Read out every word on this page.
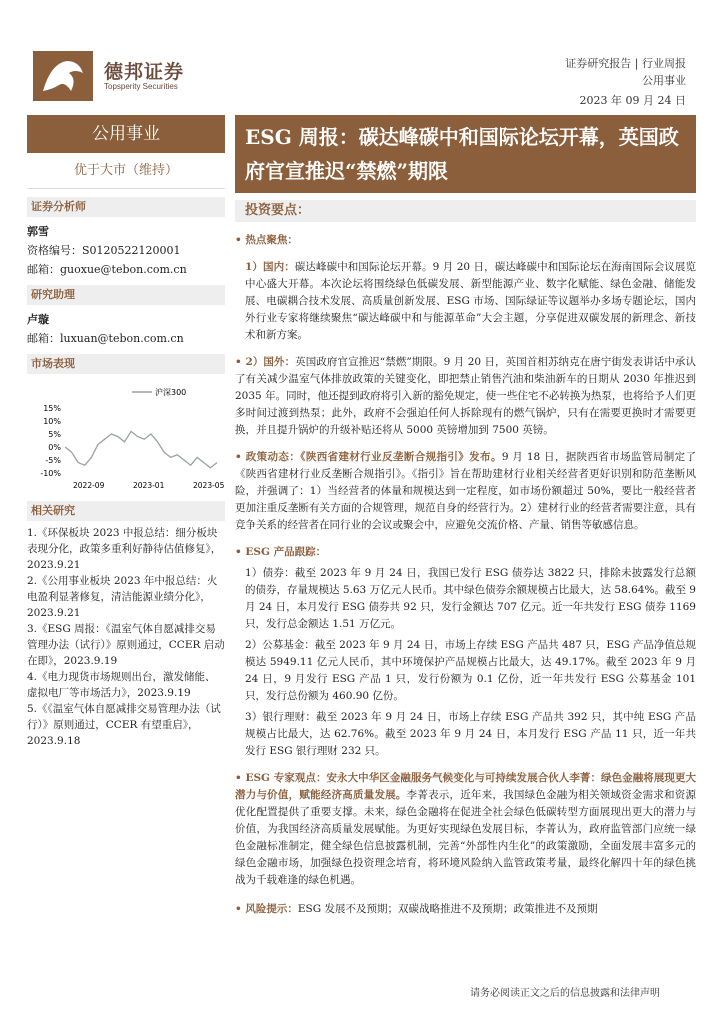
德邦证券
Topsperity Securities
证券研究报告 | 行业周报
公用事业
2023 年 09 月 24 日
公用事业
优于大市（维持）
证券分析师
郭雪
资格编号：S0120522120001
邮箱：guoxue@tebon.com.cn
研究助理
卢璇
邮箱：luxuan@tebon.com.cn
市场表现
15%
10%
5%
0%
-5%
-10%
沪深300
2022-09	2023-01	2023-05
相关研究
1.《环保板块 2023 中报总结：细分板块表现分化，政策多重利好静待估值修复》，2023.9.21
2.《公用事业板块 2023 年中报总结：火电盈利显著修复，清洁能源业绩分化》，2023.9.21
3.《ESG 周报：《温室气体自愿减排交易管理办法（试行）》原则通过，CCER 启动在即》，2023.9.19
4.《电力现货市场规则出台，激发储能、虚拟电厂等市场活力》，2023.9.19
5.《《温室气体自愿减排交易管理办法（试行）》原则通过，CCER 有望重启》，2023.9.18
ESG 周报：碳达峰碳中和国际论坛开幕，英国政府官宣推迟“禁燃”期限
投资要点：
• 热点聚焦：
1）国内：碳达峰碳中和国际论坛开幕。9 月 20 日，碳达峰碳中和国际论坛在海南国际会议展览中心盛大开幕。本次论坛将围绕绿色低碳发展、新型能源产业、数字化赋能、绿色金融、储能发展、电碳耦合技术发展、高质量创新发展、ESG 市场、国际绿证等议题举办多场专题论坛，国内外行业专家将继续聚焦“碳达峰碳中和与能源革命”大会主题，分享促进双碳发展的新理念、新技术和新方案。
• 2）国外：英国政府官宣推迟“禁燃”期限。9 月 20 日，英国首相苏纳克在唐宁街发表讲话中承认了有关减少温室气体排放政策的关键变化，即把禁止销售汽油和柴油新车的日期从 2030 年推迟到 2035 年。同时，他还提到政府将引入新的豁免规定，使一些住宅不必转换为热泵，也将给予人们更多时间过渡到热泵；此外，政府不会强迫任何人拆除现有的燃气锅炉，只有在需要更换时才需要更换，并且提升锅炉的升级补贴还将从 5000 英镑增加到 7500 英镑。
• 政策动态：《陕西省建材行业反垄断合规指引》发布。9 月 18 日，据陕西省市场监管局制定了《陕西省建材行业反垄断合规指引》。《指引》旨在帮助建材行业相关经营者更好识别和防范垄断风险，并强调了：1）当经营者的体量和规模达到一定程度，如市场份额超过 50%，要比一般经营者更加注重反垄断有关方面的合规管理，规范自身的经营行为。2）建材行业的经营者需要注意，具有竞争关系的经营者在同行业的会议或聚会中，应避免交流价格、产量、销售等敏感信息。
• ESG 产品跟踪：
1）债券：截至 2023 年 9 月 24 日，我国已发行 ESG 债券达 3822 只，排除未披露发行总额的债券，存量规模达 5.63 万亿元人民币。其中绿色债券余额规模占比最大，达 58.64%。截至 9 月 24 日，本月发行 ESG 债券共 92 只，发行金额达 707 亿元。近一年共发行 ESG 债券 1169 只，发行总金额达 1.51 万亿元。
2）公募基金：截至 2023 年 9 月 24 日，市场上存续 ESG 产品共 487 只，ESG 产品净值总规模达 5949.11 亿元人民币，其中环境保护产品规模占比最大，达 49.17%。截至 2023 年 9 月 24 日，9 月发行 ESG 产品 1 只，发行份额为 0.1 亿份，近一年共发行 ESG 公募基金 101 只，发行总份额为 460.90 亿份。
3）银行理财：截至 2023 年 9 月 24 日，市场上存续 ESG 产品共 392 只，其中纯 ESG 产品规模占比最大，达 62.76%。截至 2023 年 9 月 24 日，本月发行 ESG 产品 11 只，近一年共发行 ESG 银行理财 232 只。
• ESG 专家观点：安永大中华区金融服务气候变化与可持续发展合伙人李菁：绿色金融将展现更大潜力与价值，赋能经济高质量发展。李菁表示，近年来，我国绿色金融为相关领域资金需求和资源优化配置提供了重要支撑。未来，绿色金融将在促进全社会绿色低碳转型方面展现出更大的潜力与价值，为我国经济高质量发展赋能。为更好实现绿色发展目标，李菁认为，政府监管部门应统一绿色金融标准制定，健全绿色信息披露机制，完善“外部性内生化”的政策激励，全面发展丰富多元的绿色金融市场，加强绿色投资理念培育，将环境风险纳入监管政策考量，最终化解四十年的绿色挑战为千载难逢的绿色机遇。
• 风险提示：ESG 发展不及预期；双碳战略推进不及预期；政策推进不及预期
请务必阅读正文之后的信息披露和法律声明
